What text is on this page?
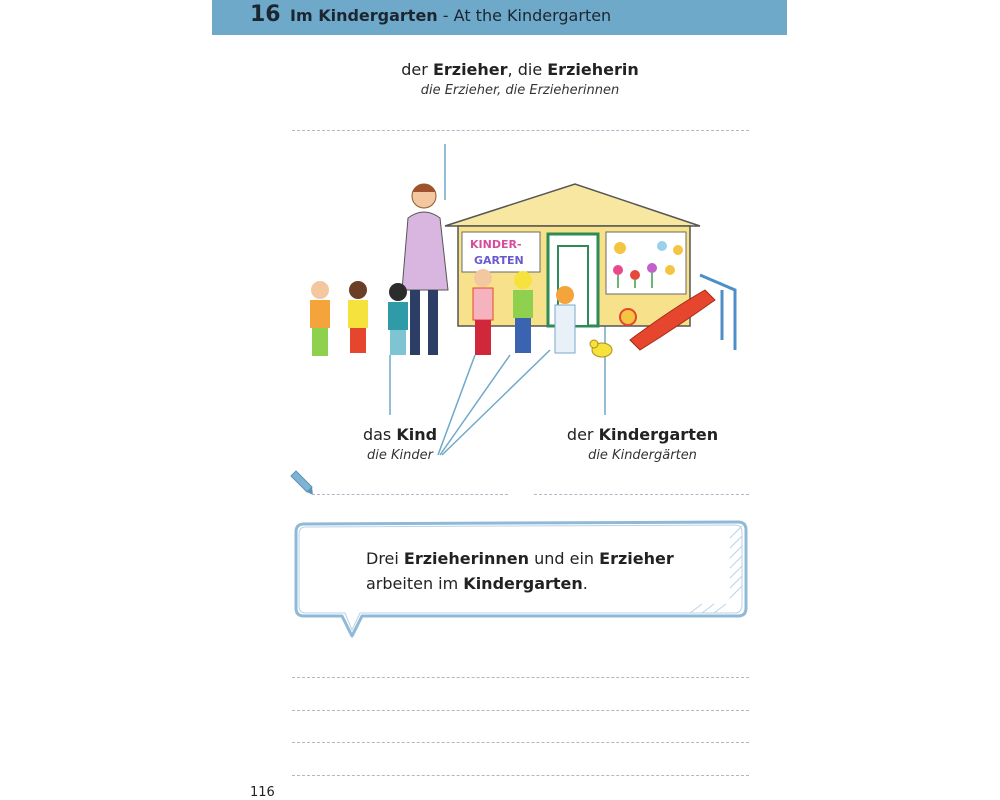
16 Im Kindergarten - At the Kindergarten
der Erzieher, die Erzieherin
die Erzieher, die Erzieherinnen
KINDER-
GARTEN
das Kind
die Kinder
der Kindergarten
die Kindergärten
Drei Erzieherinnen und ein Erzieher
arbeiten im Kindergarten.
116
